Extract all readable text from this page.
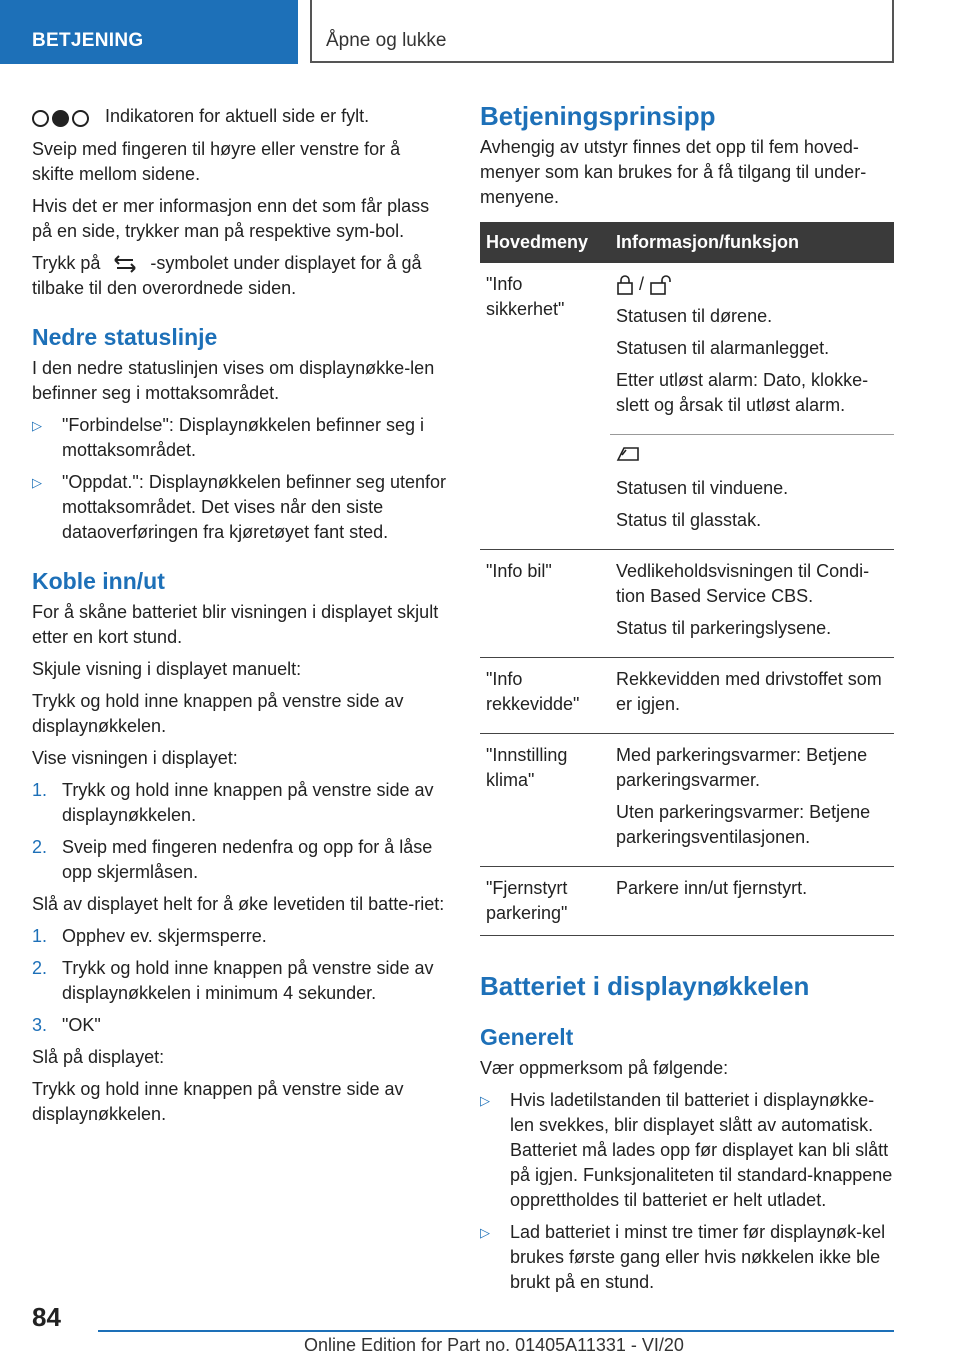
BETJENING	Åpne og lukke

Indikatoren for aktuell side er fylt.

Sveip med fingeren til høyre eller venstre for å skifte mellom sidene.

Hvis det er mer informasjon enn det som får plass på en side, trykker man på respektive sym‐bol.

Trykk på	-symbolet under displayet for å gå tilbake til den overordnede siden.

Nedre statuslinje

I den nedre statuslinjen vises om displaynøkke‐len befinner seg i mottaksområdet.

▷ "Forbindelse": Displaynøkkelen befinner seg i mottaksområdet.
▷ "Oppdat.": Displaynøkkelen befinner seg utenfor mottaksområdet. Det vises når den siste dataoverføringen fra kjøretøyet fant sted.
Koble inn/ut

For å skåne batteriet blir visningen i displayet skjult etter en kort stund.

Skjule visning i displayet manuelt:

Trykk og hold inne knappen på venstre side av displaynøkkelen.

Vise visningen i displayet:

1. Trykk og hold inne knappen på venstre side av displaynøkkelen.
2. Sveip med fingeren nedenfra og opp for å låse opp skjermlåsen.

Slå av displayet helt for å øke levetiden til batte‐riet:

1. Opphev ev. skjermsperre.
2. Trykk og hold inne knappen på venstre side av displaynøkkelen i minimum 4 sekunder.
3. "OK"

Slå på displayet:

Trykk og hold inne knappen på venstre side av displaynøkkelen.

Betjeningsprinsipp

Avhengig av utstyr finnes det opp til fem hoved‐menyer som kan brukes for å få tilgang til under‐menyene.

Hovedmeny	Informasjon/funksjon
"Info sikkerhet"	/

Statusen til dørene.

Statusen til alarmanlegget.

Etter utløst alarm: Dato, klokke‐slett og årsak til utløst alarm.

	Statusen til vinduene.

Status til glasstak.

"Info bil"	Vedlikeholdsvisningen til Condi‐tion Based Service CBS.

Status til parkeringslysene.

"Info rekkevidde"	Rekkevidden med drivstoffet som er igjen.

"Innstilling klima"	Med parkeringsvarmer: Betjene parkeringsvarmer.

Uten parkeringsvarmer: Betjene parkeringsventilasjonen.

"Fjernstyrt parkering"	Parkere inn/ut fjernstyrt.

Batteriet i displaynøkkelen
Generelt

Vær oppmerksom på følgende:

▷ Hvis ladetilstanden til batteriet i displaynøkke‐len svekkes, blir displayet slått av automatisk. Batteriet må lades opp før displayet kan bli slått på igjen. Funksjonaliteten til standard‐knappene opprettholdes til batteriet er helt utladet.
▷ Lad batteriet i minst tre timer før displaynøk‐kel brukes første gang eller hvis nøkkelen ikke ble brukt på en stund.
84
Online Edition for Part no. 01405A11331 - VI/20
